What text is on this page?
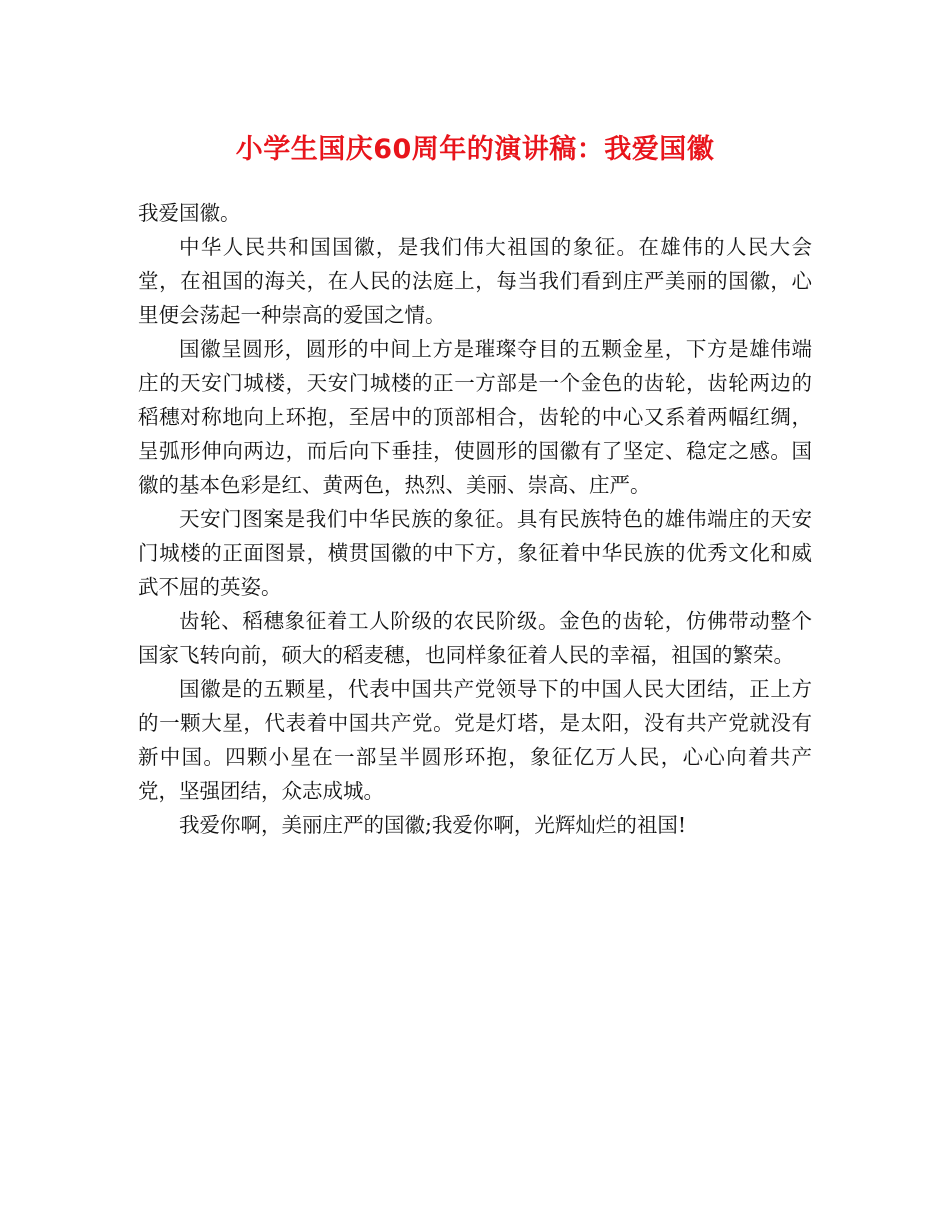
小学生国庆60周年的演讲稿：我爱国徽

我爱国徽。

中华人民共和国国徽，是我们伟大祖国的象征。在雄伟的人民大会堂，在祖国的海关，在人民的法庭上，每当我们看到庄严美丽的国徽，心里便会荡起一种崇高的爱国之情。

国徽呈圆形，圆形的中间上方是璀璨夺目的五颗金星，下方是雄伟端庄的天安门城楼，天安门城楼的正一方部是一个金色的齿轮，齿轮两边的稻穗对称地向上环抱，至居中的顶部相合，齿轮的中心又系着两幅红绸，呈弧形伸向两边，而后向下垂挂，使圆形的国徽有了坚定、稳定之感。国徽的基本色彩是红、黄两色，热烈、美丽、崇高、庄严。

天安门图案是我们中华民族的象征。具有民族特色的雄伟端庄的天安门城楼的正面图景，横贯国徽的中下方，象征着中华民族的优秀文化和威武不屈的英姿。

齿轮、稻穗象征着工人阶级的农民阶级。金色的齿轮，仿佛带动整个国家飞转向前，硕大的稻麦穗，也同样象征着人民的幸福，祖国的繁荣。

国徽是的五颗星，代表中国共产党领导下的中国人民大团结，正上方的一颗大星，代表着中国共产党。党是灯塔，是太阳，没有共产党就没有新中国。四颗小星在一部呈半圆形环抱，象征亿万人民，心心向着共产党，坚强团结，众志成城。

我爱你啊，美丽庄严的国徽;我爱你啊，光辉灿烂的祖国!
